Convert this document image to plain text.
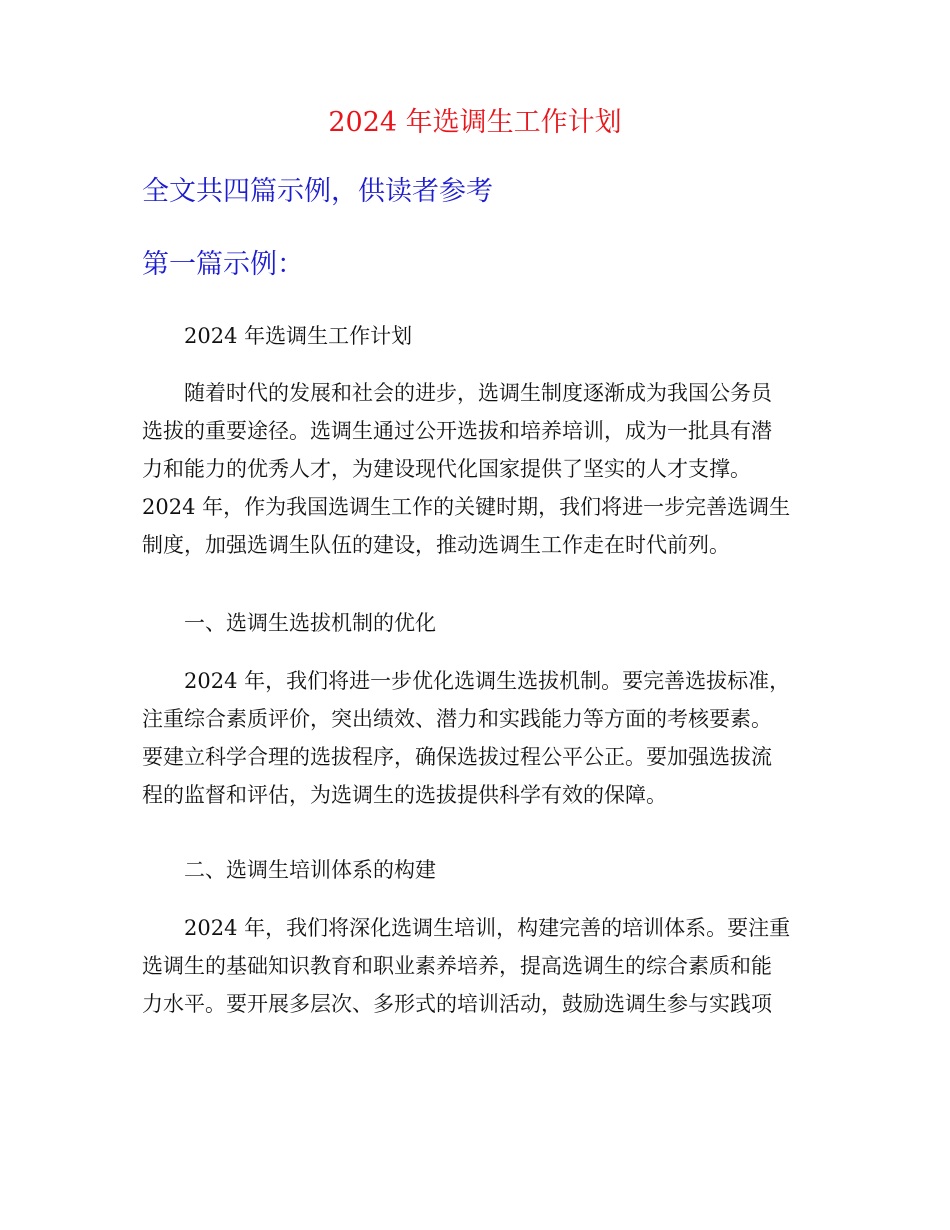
2024 年选调生工作计划
全文共四篇示例，供读者参考
第一篇示例：
2024 年选调生工作计划
随着时代的发展和社会的进步，选调生制度逐渐成为我国公务员
选拔的重要途径。选调生通过公开选拔和培养培训，成为一批具有潜
力和能力的优秀人才，为建设现代化国家提供了坚实的人才支撑。
2024 年，作为我国选调生工作的关键时期，我们将进一步完善选调生
制度，加强选调生队伍的建设，推动选调生工作走在时代前列。
一、选调生选拔机制的优化
2024 年，我们将进一步优化选调生选拔机制。要完善选拔标准，
注重综合素质评价，突出绩效、潜力和实践能力等方面的考核要素。
要建立科学合理的选拔程序，确保选拔过程公平公正。要加强选拔流
程的监督和评估，为选调生的选拔提供科学有效的保障。
二、选调生培训体系的构建
2024 年，我们将深化选调生培训，构建完善的培训体系。要注重
选调生的基础知识教育和职业素养培养，提高选调生的综合素质和能
力水平。要开展多层次、多形式的培训活动，鼓励选调生参与实践项
